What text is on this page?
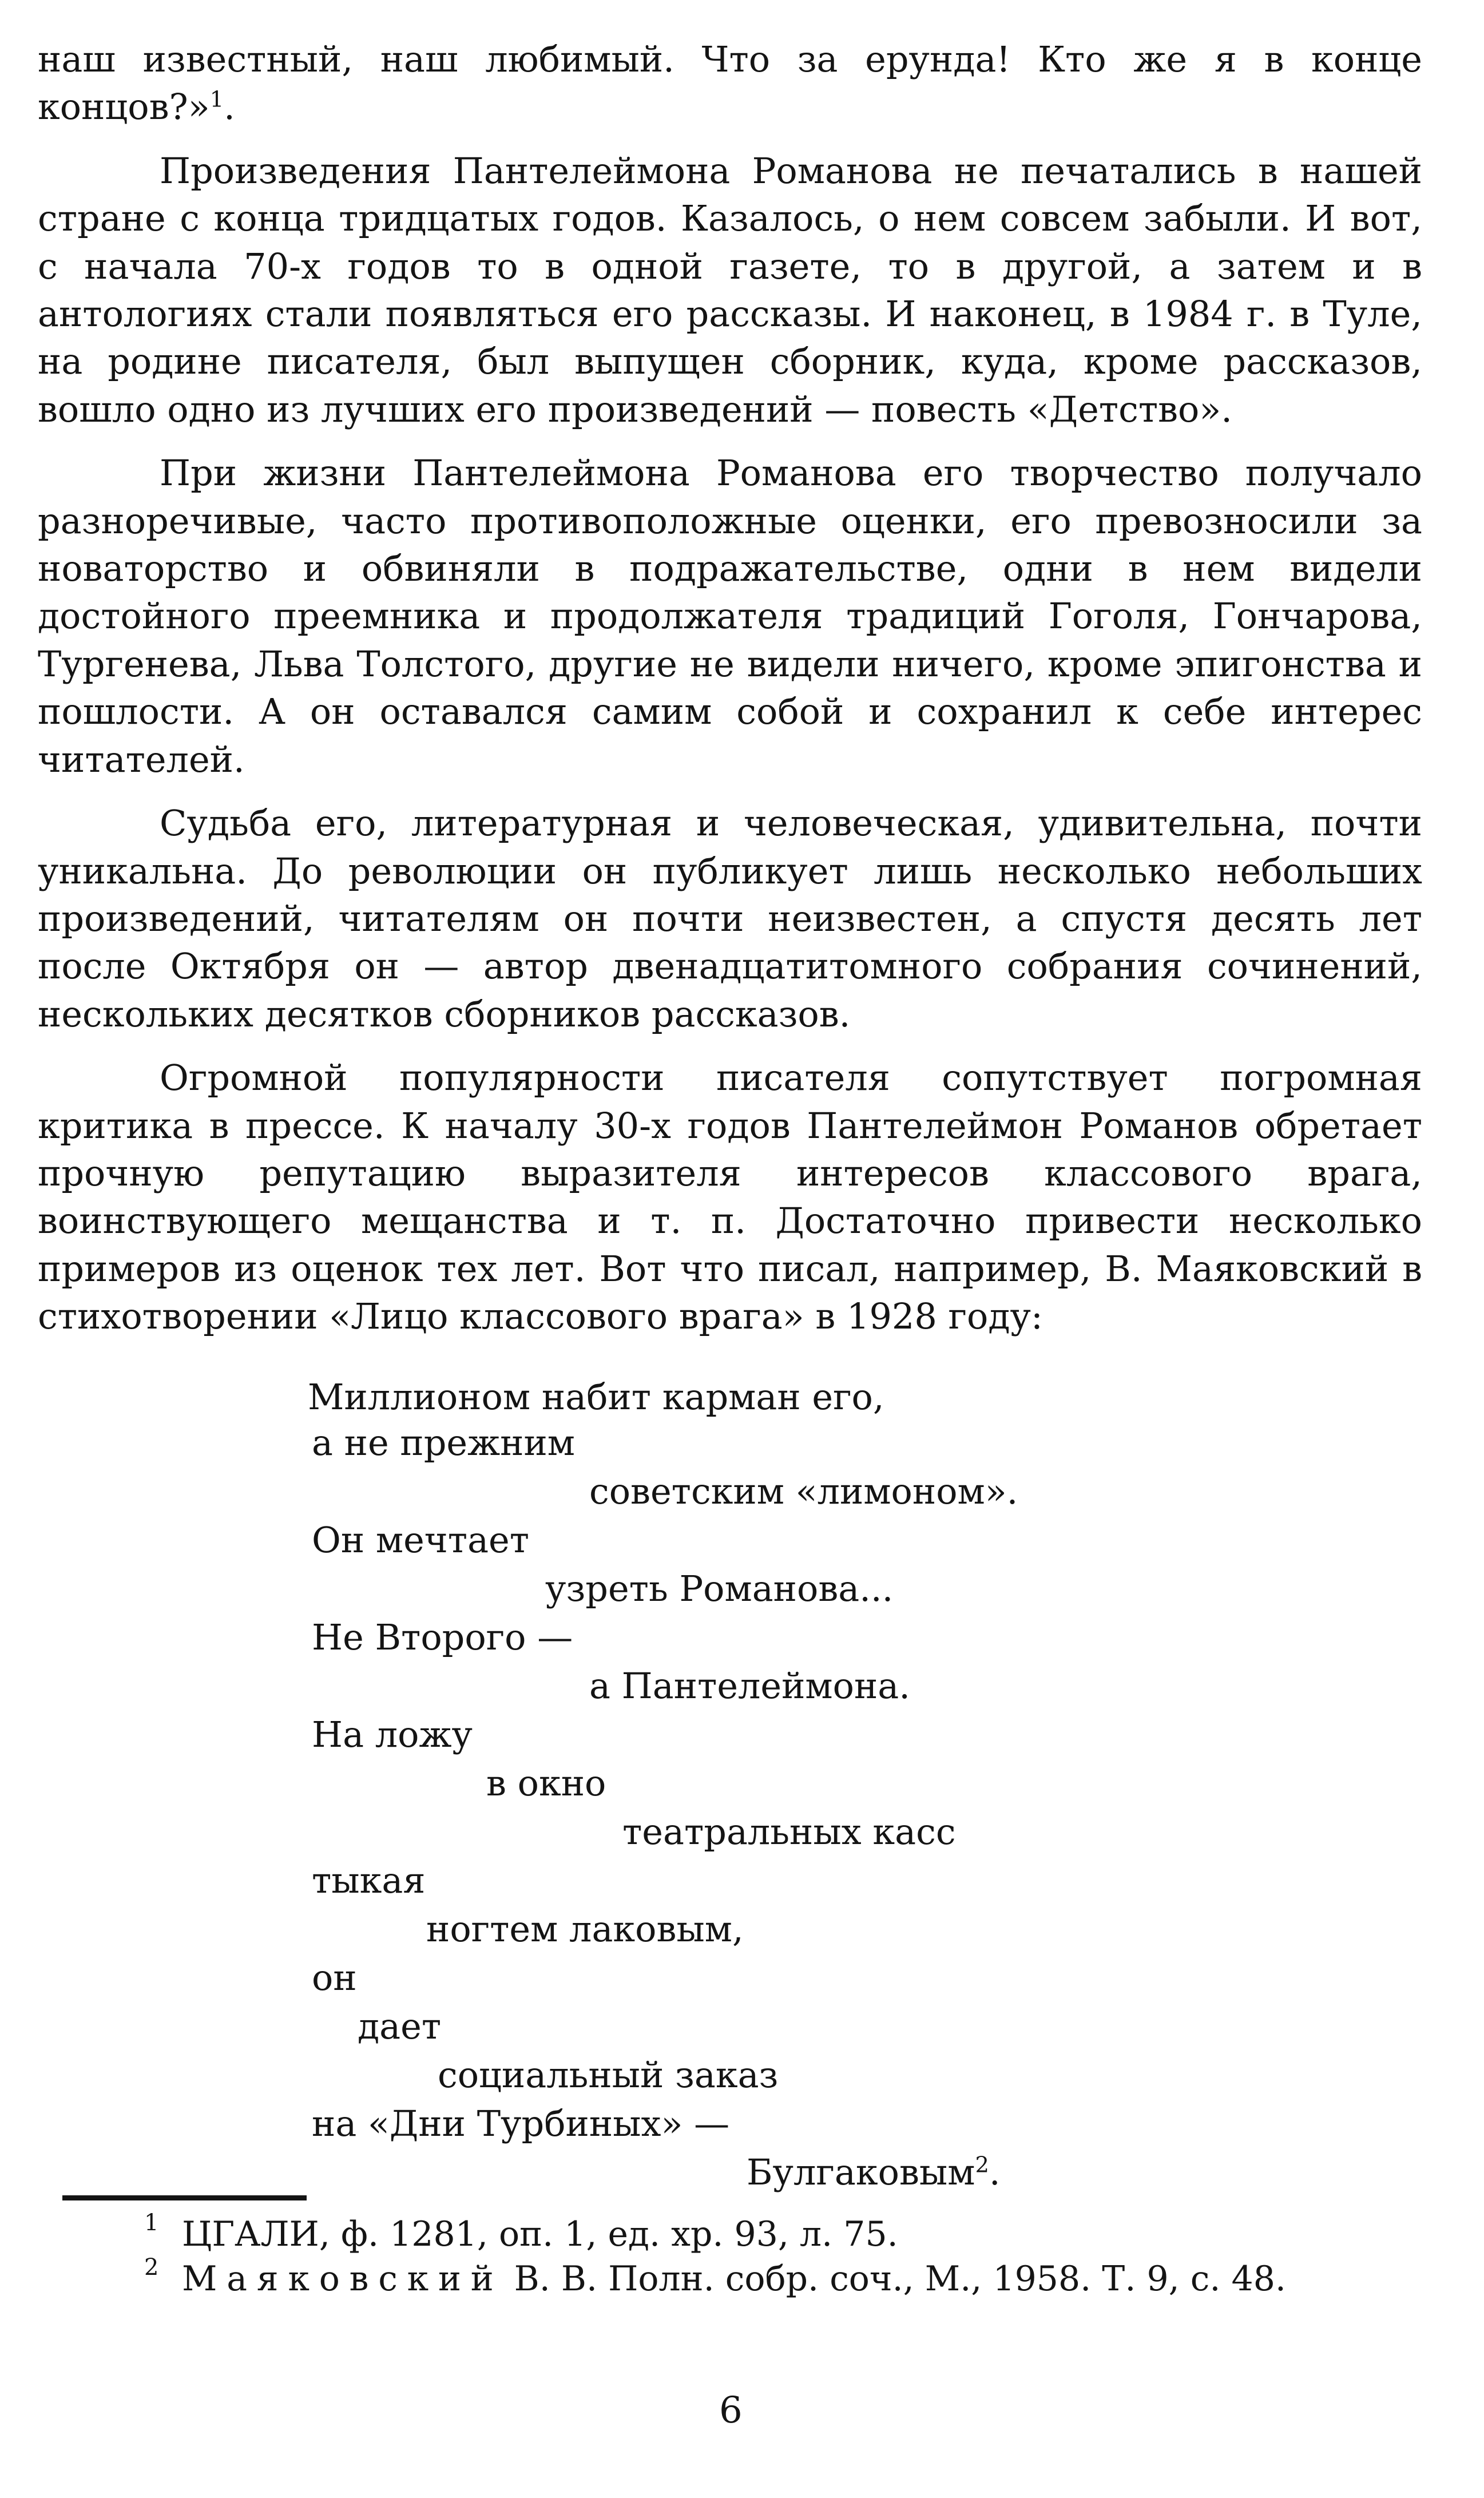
наш известный, наш любимый. Что за ерунда! Кто же я в конце концов?»$^1$.

Произведения Пантелеймона Романова не печатались в нашей стране с конца тридцатых годов. Казалось, о нем совсем забыли. И вот, с начала 70-х годов то в одной газете, то в другой, а затем и в антологиях стали появляться его рассказы. И наконец, в 1984 г. в Туле, на родине писателя, был выпущен сборник, куда, кроме рассказов, вошло одно из лучших его произведений — повесть «Детство».

При жизни Пантелеймона Романова его творчество получало разноречивые, часто противоположные оценки, его превозносили за новаторство и обвиняли в подражательстве, одни в нем видели достойного преемника и продолжателя традиций Гоголя, Гончарова, Тургенева, Льва Толстого, другие не видели ничего, кроме эпигонства и пошлости. А он оставался самим собой и сохранил к себе интерес читателей.

Судьба его, литературная и человеческая, удивительна, почти уникальна. До революции он публикует лишь несколько небольших произведений, читателям он почти неизвестен, а спустя десять лет после Октября он — автор двенадцатитомного собрания сочинений, нескольких десятков сборников рассказов.

Огромной популярности писателя сопутствует погромная критика в прессе. К началу 30-х годов Пантелеймон Романов обретает прочную репутацию выразителя интересов классового врага, воинствующего мещанства и т. п. Достаточно привести несколько примеров из оценок тех лет. Вот что писал, например, В. Маяковский в стихотворении «Лицо классового врага» в 1928 году:

Миллионом набит карман его,
а не прежним
советским «лимоном».
Он мечтает
узреть Романова...
Не Второго —
а Пантелеймона.
На ложу
в окно
театральных касс
тыкая
ногтем лаковым,
он
дает
социальный заказ
на «Дни Турбиных» —
Булгаковым$^2$.
1 ЦГАЛИ, ф. 1281, оп. 1, ед. хр. 93, л. 75.
2 Маяковский В. В. Полн. собр. соч., М., 1958. Т. 9, с. 48.
6
